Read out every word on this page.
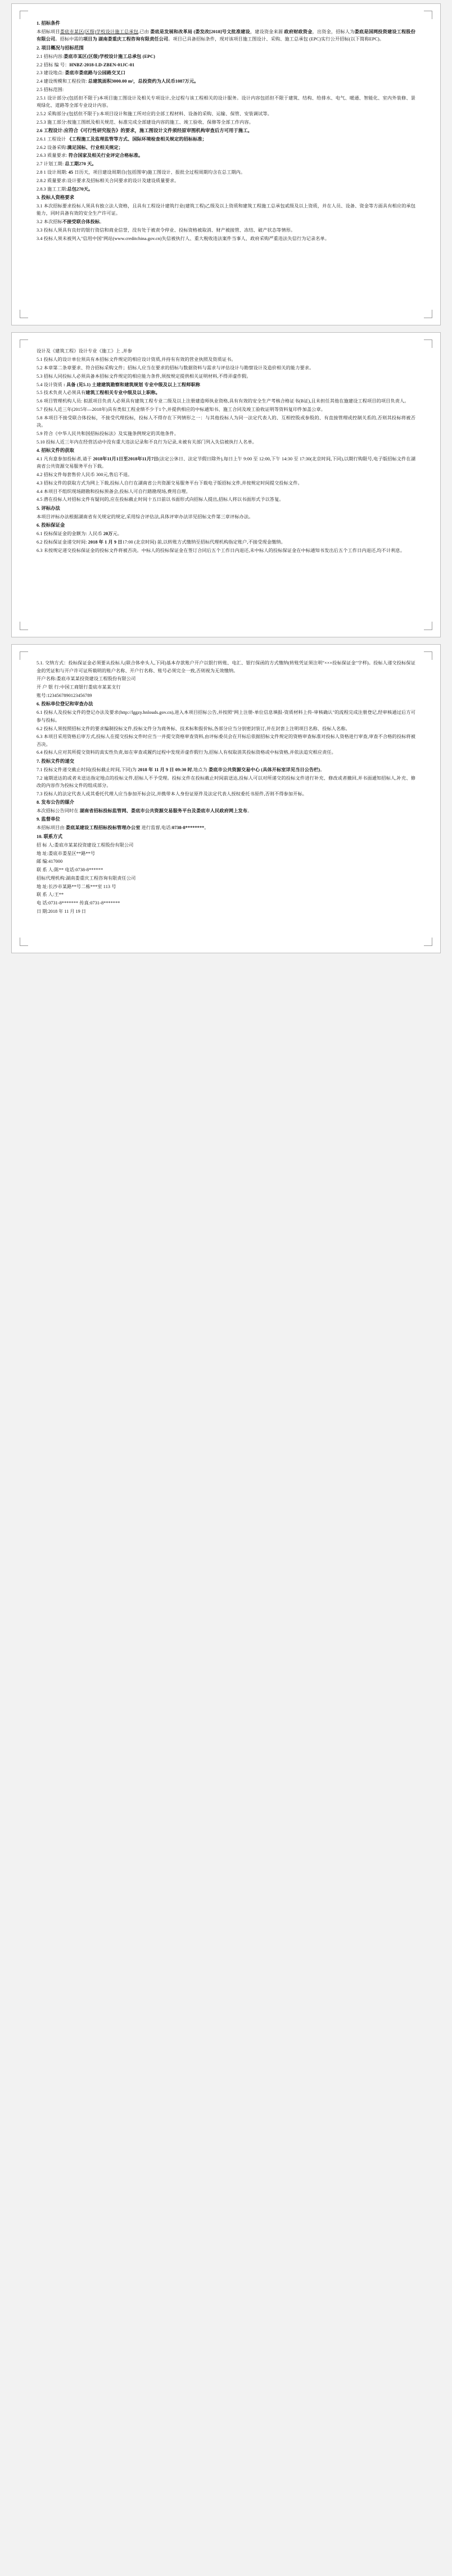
1. 招标条件
本招标项目娄底市某区(区级)学校设计施工总承包,已由 娄底是发展和改革局 (娄发改[2018]号文批准建设，建设资金来源 政府财政资金，出资金，招标人为娄底是国网投资建设工程股份有限公司。招标中需的项目为 湖南娄重庆工程咨询有限责任公司。项目已具备招标条件，现对该项目施工图设计、采购、施工总承包 (EPC)实行公开招标(以下简称EPC)。
2. 项目概况与招标范围
2.1 招标内容:娄底市某区(区级)学校设计施工总承包 (EPC)
2.2 招标 编 号：HNBZ-2018-LD-ZBEN-01JC-01
2.3 建设地点: 娄底市娄底路与公园路交叉口
2.4 建设规模和工程投资: 总建筑面积3000.00 m²，总投资约为人民币1087万元。
2.5 招标范围:
2.5.1 设计部分:(包括但不限于)本项目施工图设计及相关专项设计,全过程与该工程相关的设计服务。设计内容包括但不限于建筑、结构、给排水、电气、暖通、智能化、室内外装修、景观绿化、道路等全部专业设计内容。
2.5.2 采购部分:(包括但不限于):本项目设计和施工所对应的全部工程材料、设备的采购、运输、保管、安装调试等。
2.5.3 施工部分:按施工图纸及相关规范、标准完成全部建设内容的施工、竣工验收、保修等全部工作内容。
2.6 工程设计:应符合《可行性研究报告》的要求，施工图设计文件须经原审图机构审查后方可用于施工。
2.6.1 工程设计 《工程施工及监理监管等方式、国际环境检查相关规定的招标标准；
2.6.2 设备采购:满足国标、行业相关规定；
2.6.3 质量要求: 符合国家及相关行业评定合格标准。
2.7 计划工期: 总工期270 天。
2.8 1 设计周期: 45 日历天，项目建设周期自(包括图审)施工图设计、报批全过程周期均含在总工期内。
2.8.2 质量要求:设计要求及招标相关合同要求的设计及建设质量要求。
2.8.3 施工工期:总包270天。
3. 投标人资格要求
3.1 本次招标要求投标人须具有独立法人资格，且具有工程设计建筑行业(建筑工程)乙级及以上资质和建筑工程施工总承包贰级及以上资质，并在人员、设备、资金等方面具有相应的承包能力，同时具备有效的安全生产许可证。
3.2 本次招标不接受联合体投标。
3.3 投标人须具有良好的银行资信和商业信誉，没有处于被责令停业、投标资格被取消、财产被接管、冻结、破产状态等情形。
3.4 投标人须未被列入"信用中国"网站(www.creditchina.gov.cn)失信被执行人、重大税收违法案件当事人、政府采购严重违法失信行为记录名单。
设计及《建筑工程》设计专业《施工》上 ,并参
5.1 投标人的设计单位须具有本招标文件规定的相应设计资质,并持有有效的营业执照及资质证书。
5.2 本章第二条章要求、符合招标采购文件；招标人应当在要求的招标与数据资料与需求与评估设计与勘察设计及造价相关的能力要求。
5.3 招标人同投标人必须具备本招标文件规定的相应能力条件,须按规定提供相关证明材料,不得弄虚作假。
5.4 设计资质 : 具备 (见5.1) 土建建筑勘察和建筑规划 专业中级及以上工程师职称
5.5 技术负责人必须具有建筑工程相关专业中级及以上职称。
5.6 项目管理机构人员: 拟派项目负责人必须具有建筑工程专业二级及以上注册建造师执业资格,具有有效的安全生产考核合格证书(B证),且未担任其他在施建设工程项目的项目负责人。
5.7 投标人近三年(2015年—2018年)具有类似工程业绩不少于1个,并提供相应的中标通知书、施工合同及竣工验收证明等资料复印件加盖公章。
5.8 本项目不接受联合体投标，不接受代理投标，投标人不得存在下列情形之一：与其他投标人为同一法定代表人的、互相控股或参股的、有直接管理或控制关系的,否则其投标将被否决。
5.9 符合《中华人民共和国招标投标法》及实施条例规定的其他条件。
5.10 投标人近三年内在经营活动中没有重大违法记录和不良行为记录,未被有关部门列入失信被执行人名单。
4. 招标文件的获取
4.1 凡有意参加投标者,请于 2018年11月1日至2018年11月7日(法定公休日、法定节假日除外),每日上午 9:00 至 12:00,下午 14:30 至 17:30(北京时间,下同),以期行购限号,电子版招标文件在湖南省公共资源交易服务平台下载。
4.2 招标文件每套售价人民币 300元,售后不退。
4.3 招标文件的获取方式为网上下载,投标人自行在湖南省公共资源交易服务平台下载电子版招标文件,并按规定时间提交投标文件。
4.4 本项目不组织现场踏勘和投标预备会,投标人可自行踏勘现场,费用自理。
4.5 潜在投标人对招标文件有疑问的,应在投标截止时间十五日前以书面形式向招标人提出,招标人将以书面形式予以答复。
5. 评标办法
本项目评标办法根据湖南省有关规定的规定,采用综合评估法,具体评审办法详见招标文件第三章评标办法。
6. 投标保证金
6.1 投标保证金的金额为: 人民币 20万元。
6.2 投标保证金递交时间: 2018 年 1 月 9 日17:00 (北京时间) 前,以转账方式缴纳至招标代理机构指定账户,不接受现金缴纳。
6.3 未按规定递交投标保证金的投标文件将被否决。中标人的投标保证金在签订合同后五个工作日内退还,未中标人的投标保证金在中标通知书发出后五个工作日内退还,均不计利息。
5.1. 交纳方式：投标保证金必须要从投标人(联合体牵头人,下同)基本存款账户开户以银行转账、电汇、银行保函的方式缴纳(转账凭证须注明"×××投标保证金"字样)。投标人递交投标保证金的凭证和与开户许可证所载明的账户名称、开户行名称、账号必须完全一致,否则视为无效缴纳。
开户名称:娄底市某某投资建设工程股份有限公司
开 户 银 行:中国工商银行娄底市某某支行
账号:1234567890123456789
6. 投标单位登记和审查办法
6.1 投标人及投标文件的登记办法及要求(http://lggzy.hnlouds.gov.cn),进入本项目招标公告,并按照"网上注册-单位信息填报-资质材料上传-审核确认"的流程完成注册登记,经审核通过后方可参与投标。
6.2 投标人须按照招标文件的要求编制投标文件,投标文件分为商务标、技术标和报价标,各部分应当分别密封装订,并在封套上注明项目名称、投标人名称。
6.3 本项目采用资格后审方式,投标人在提交投标文件时应当一并提交资格审查资料,由评标委员会在开标后依据招标文件规定的资格审查标准对投标人资格进行审查,审查不合格的投标将被否决。
6.4 投标人应对其所提交资料的真实性负责,如在审查或履约过程中发现弄虚作假行为,招标人有权取消其投标资格或中标资格,并依法追究相应责任。
7. 投标文件的递交
7.1 投标文件递交截止时间(投标截止时间,下同)为 2018 年 11 月 9 日 09:30 时,地点为 娄底市公共资源交易中心 (具体开标室详见当日公告栏)。
7.2 逾期送达的或者未送达指定地点的投标文件,招标人不予受理。投标文件在投标截止时间前送达,投标人可以对所递交的投标文件进行补充、修改或者撤回,并书面通知招标人,补充、修改的内容作为投标文件的组成部分。
7.3 投标人的法定代表人或其委托代理人应当参加开标会议,并携带本人身份证原件及法定代表人授权委托书原件,否则不得参加开标。
8. 发布公告的媒介
本次招标公告同时在 湖南省招标投标监管网、娄底市公共资源交易服务平台及娄底市人民政府网上发布。
9. 监督单位
本招标项目由 娄底某建设工程招标投标管理办公室 进行监督,电话:0738-8********。
10. 联系方式
招 标 人:娄底市某某投资建设工程股份有限公司
地 址:娄底市娄星区**路**号
邮 编:417000
联 系 人:陈** 电话:0738-8******
招标代理机构:湖南娄重庆工程咨询有限责任公司
地 址:长沙市某路**号二栋***室 113 号
联 系 人:王**
电 话:0731-8******* 传真:0731-8*******
日 期:2018 年 11 月 19 日
